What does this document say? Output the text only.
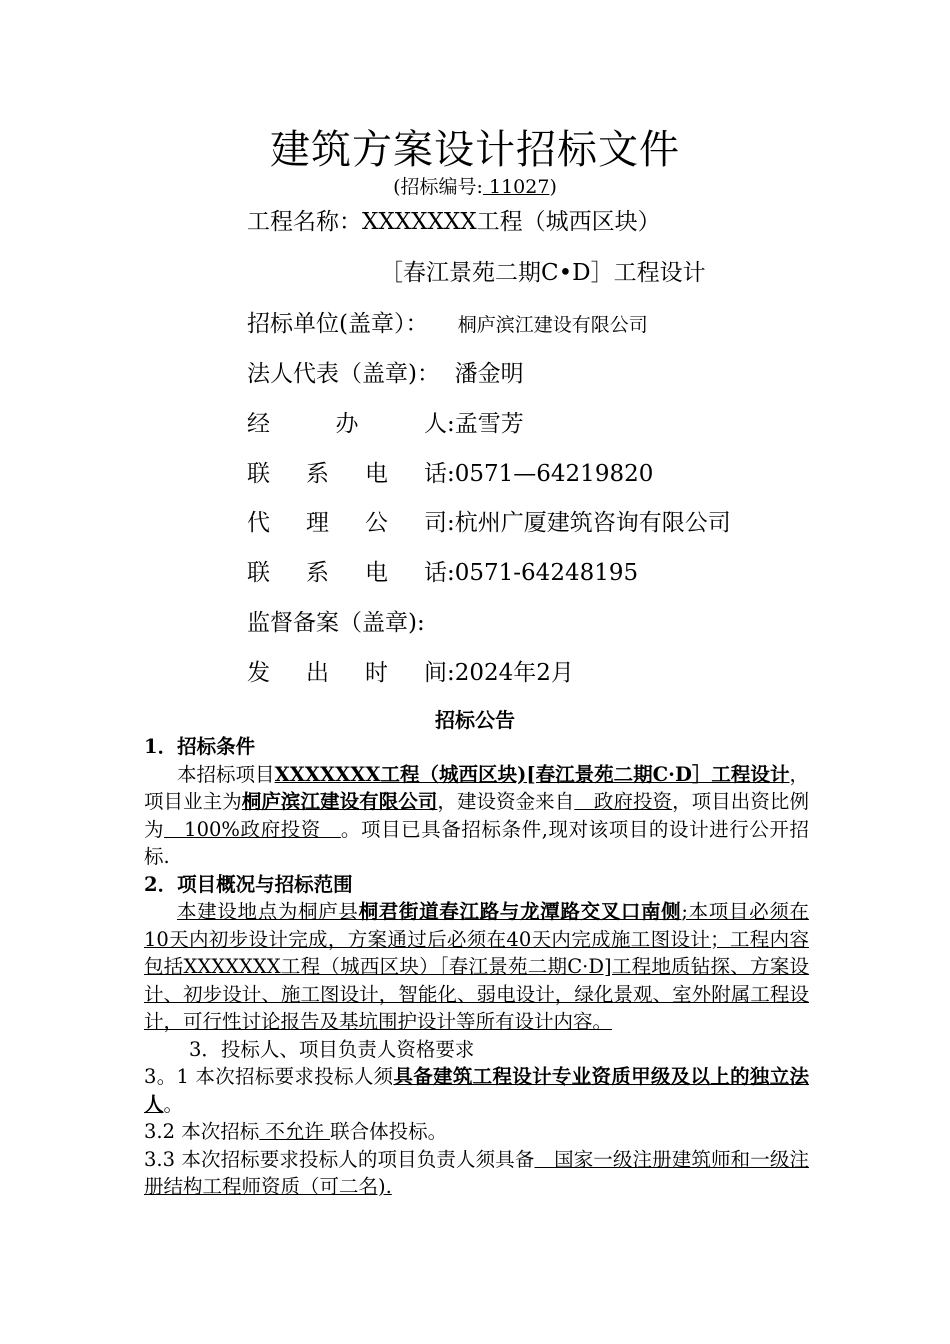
建筑方案设计招标文件
(招标编号: 11027)
工程名称：XXXXXXX工程（城西区块）
［春江景苑二期C•D］工程设计
招标单位(盖章）： 桐庐滨江建设有限公司
法人代表（盖章)： 潘金明
经办人:孟雪芳
联系电话:0571—64219820
代理公司:杭州广厦建筑咨询有限公司
联系电话:0571-64248195
监督备案（盖章):
发出时间:2024年2月
招标公告

1．招标条件

本招标项目XXXXXXX工程（城西区块)[春江景苑二期C·D］工程设计，项目业主为桐庐滨江建设有限公司，建设资金来自　政府投资，项目出资比例为　100%政府投资　。项目已具备招标条件,现对该项目的设计进行公开招标.

2．项目概况与招标范围

本建设地点为桐庐县桐君街道春江路与龙潭路交叉口南侧;本项目必须在10天内初步设计完成，方案通过后必须在40天内完成施工图设计；工程内容包括XXXXXXX工程（城西区块）［春江景苑二期C·D]工程地质钻探、方案设计、初步设计、施工图设计，智能化、弱电设计，绿化景观、室外附属工程设计，可行性讨论报告及基坑围护设计等所有设计内容。

3．投标人、项目负责人资格要求

3。1 本次招标要求投标人须具备建筑工程设计专业资质甲级及以上的独立法人。

3.2 本次招标 不允许 联合体投标。

3.3 本次招标要求投标人的项目负责人须具备　国家一级注册建筑师和一级注册结构工程师资质（可二名).
